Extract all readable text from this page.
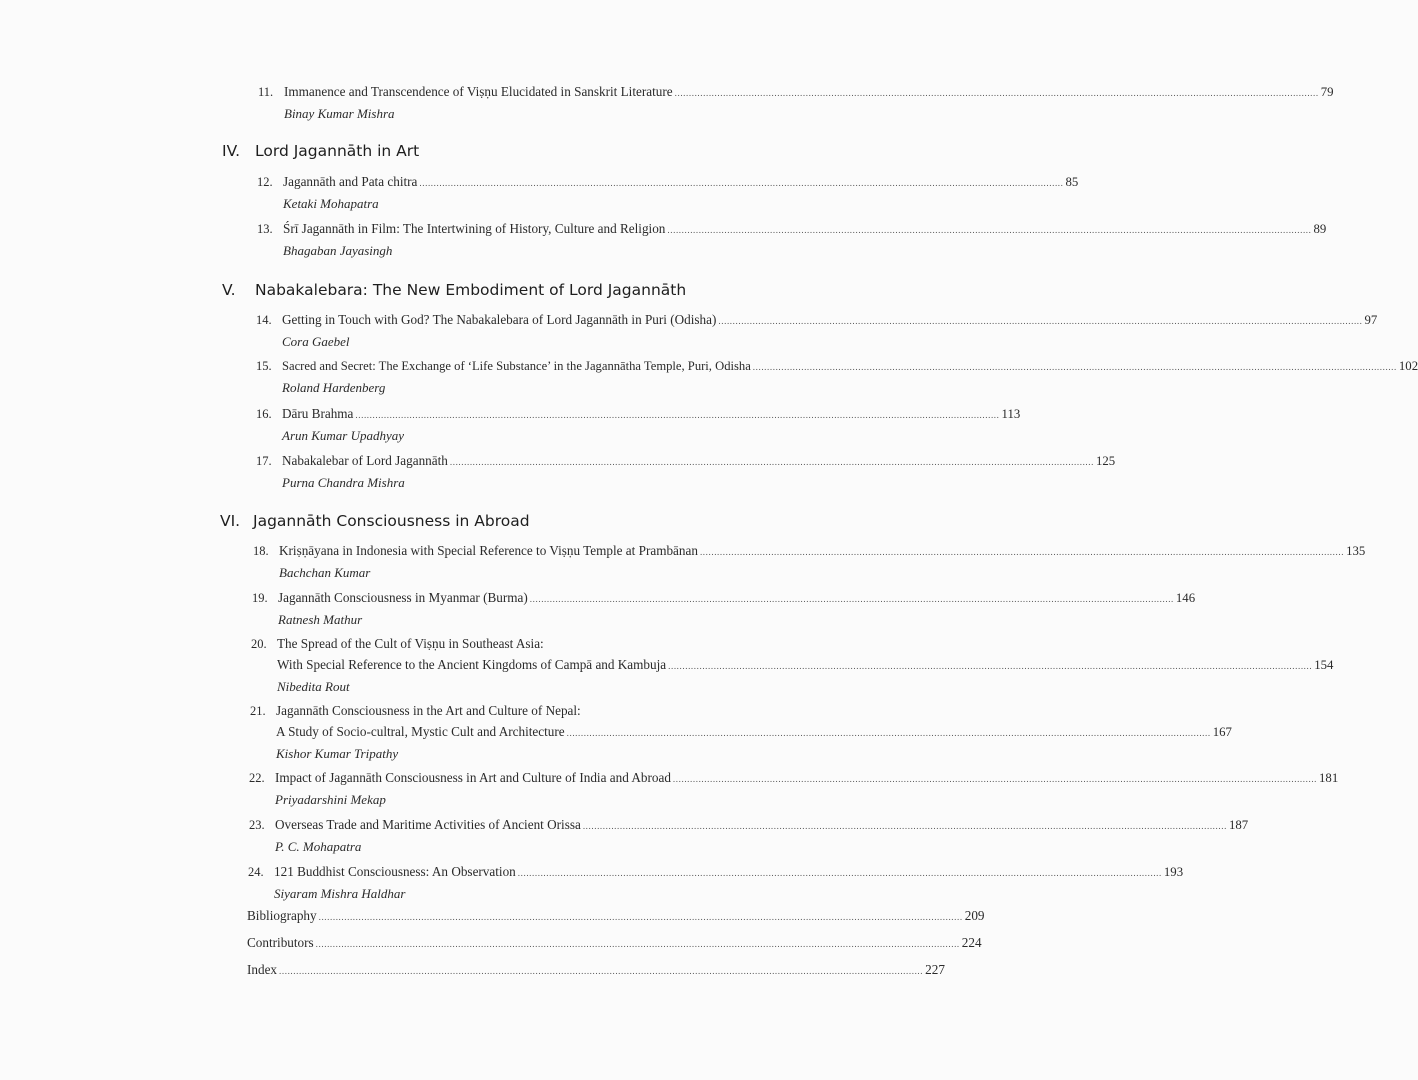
11. Immanence and Transcendence of Viṣṇu Elucidated in Sanskrit Literature .................................................................................................................................................................................................................................. 79
Binay Kumar Mishra
IV. Lord Jagannāth in Art
12. Jagannāth and Pata chitra .................................................................................................................................................................................................................................. 85
Ketaki Mohapatra
13. Śrī Jagannāth in Film: The Intertwining of History, Culture and Religion .................................................................................................................................................................................................................................. 89
Bhagaban Jayasingh
V.	Nabakalebara: The New Embodiment of Lord Jagannāth
14. Getting in Touch with God? The Nabakalebara of Lord Jagannāth in Puri (Odisha) .................................................................................................................................................................................................................................. 97
Cora Gaebel
15. Sacred and Secret: The Exchange of ‘Life Substance’ in the Jagannātha Temple, Puri, Odisha .................................................................................................................................................................................................................................. 102
Roland Hardenberg
16. Dāru Brahma .................................................................................................................................................................................................................................. 113
Arun Kumar Upadhyay
17. Nabakalebar of Lord Jagannāth .................................................................................................................................................................................................................................. 125
Purna Chandra Mishra
VI. Jagannāth Consciousness in Abroad
18. Kriṣṇāyana in Indonesia with Special Reference to Viṣṇu Temple at Prambānan .................................................................................................................................................................................................................................. 135
Bachchan Kumar
19. Jagannāth Consciousness in Myanmar (Burma) .................................................................................................................................................................................................................................. 146
Ratnesh Mathur
20. The Spread of the Cult of Viṣṇu in Southeast Asia:
With Special Reference to the Ancient Kingdoms of Campā and Kambuja .................................................................................................................................................................................................................................. 154
Nibedita Rout
21. Jagannāth Consciousness in the Art and Culture of Nepal:
A Study of Socio-cultral, Mystic Cult and Architecture .................................................................................................................................................................................................................................. 167
Kishor Kumar Tripathy
22. Impact of Jagannāth Consciousness in Art and Culture of India and Abroad .................................................................................................................................................................................................................................. 181
Priyadarshini Mekap
23. Overseas Trade and Maritime Activities of Ancient Orissa .................................................................................................................................................................................................................................. 187
P. C. Mohapatra
24. 121 Buddhist Consciousness: An Observation .................................................................................................................................................................................................................................. 193
Siyaram Mishra Haldhar
Bibliography .................................................................................................................................................................................................................................. 209
Contributors .................................................................................................................................................................................................................................. 224
Index .................................................................................................................................................................................................................................. 227
